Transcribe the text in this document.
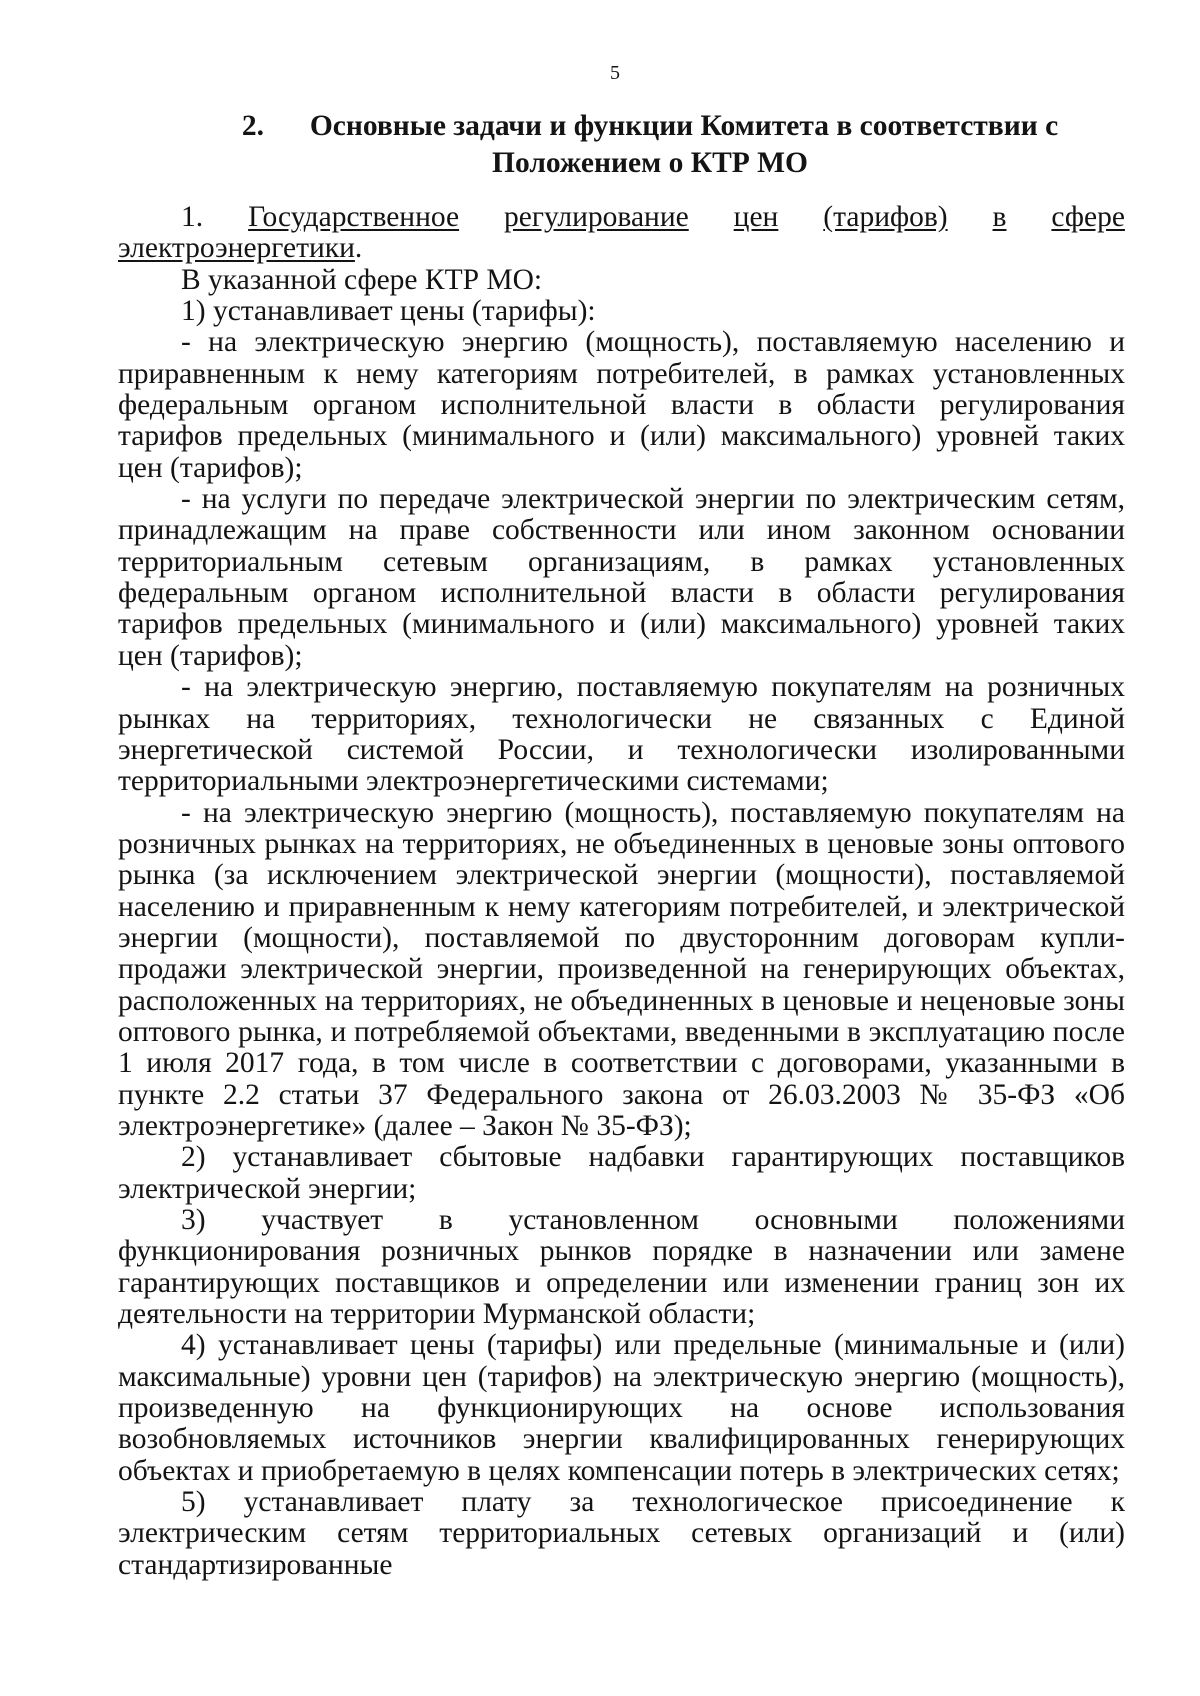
5
2.	Основные задачи и функции Комитета в соответствии с
Положением о КТР МО
1. Государственное регулирование цен (тарифов) в сфере

электроэнергетики.

В указанной сфере КТР МО:

1) устанавливает цены (тарифы):

- на электрическую энергию (мощность), поставляемую населению и приравненным к нему категориям потребителей, в рамках установленных федеральным органом исполнительной власти в области регулирования тарифов предельных (минимального и (или) максимального) уровней таких цен (тарифов);

- на услуги по передаче электрической энергии по электрическим сетям, принадлежащим на праве собственности или ином законном основании территориальным сетевым организациям, в рамках установленных федеральным органом исполнительной власти в области регулирования тарифов предельных (минимального и (или) максимального) уровней таких цен (тарифов);

- на электрическую энергию, поставляемую покупателям на розничных рынках на территориях, технологически не связанных с Единой энергетической системой России, и технологически изолированными территориальными электроэнергетическими системами;

- на электрическую энергию (мощность), поставляемую покупателям на розничных рынках на территориях, не объединенных в ценовые зоны оптового рынка (за исключением электрической энергии (мощности), поставляемой населению и приравненным к нему категориям потребителей, и электрической энергии (мощности), поставляемой по двусторонним договорам купли-продажи электрической энергии, произведенной на генерирующих объектах, расположенных на территориях, не объединенных в ценовые и неценовые зоны оптового рынка, и потребляемой объектами, введенными в эксплуатацию после 1 июля 2017 года, в том числе в соответствии с договорами, указанными в пункте 2.2 статьи 37 Федерального закона от 26.03.2003 № 35-ФЗ «Об электроэнергетике» (далее – Закон № 35-ФЗ);

2) устанавливает сбытовые надбавки гарантирующих поставщиков электрической энергии;

3) участвует в установленном основными положениями функционирования розничных рынков порядке в назначении или замене гарантирующих поставщиков и определении или изменении границ зон их деятельности на территории Мурманской области;

4) устанавливает цены (тарифы) или предельные (минимальные и (или) максимальные) уровни цен (тарифов) на электрическую энергию (мощность), произведенную на функционирующих на основе использования возобновляемых источников энергии квалифицированных генерирующих объектах и приобретаемую в целях компенсации потерь в электрических сетях;

5) устанавливает плату за технологическое присоединение к электрическим сетям территориальных сетевых организаций и (или) стандартизированные
